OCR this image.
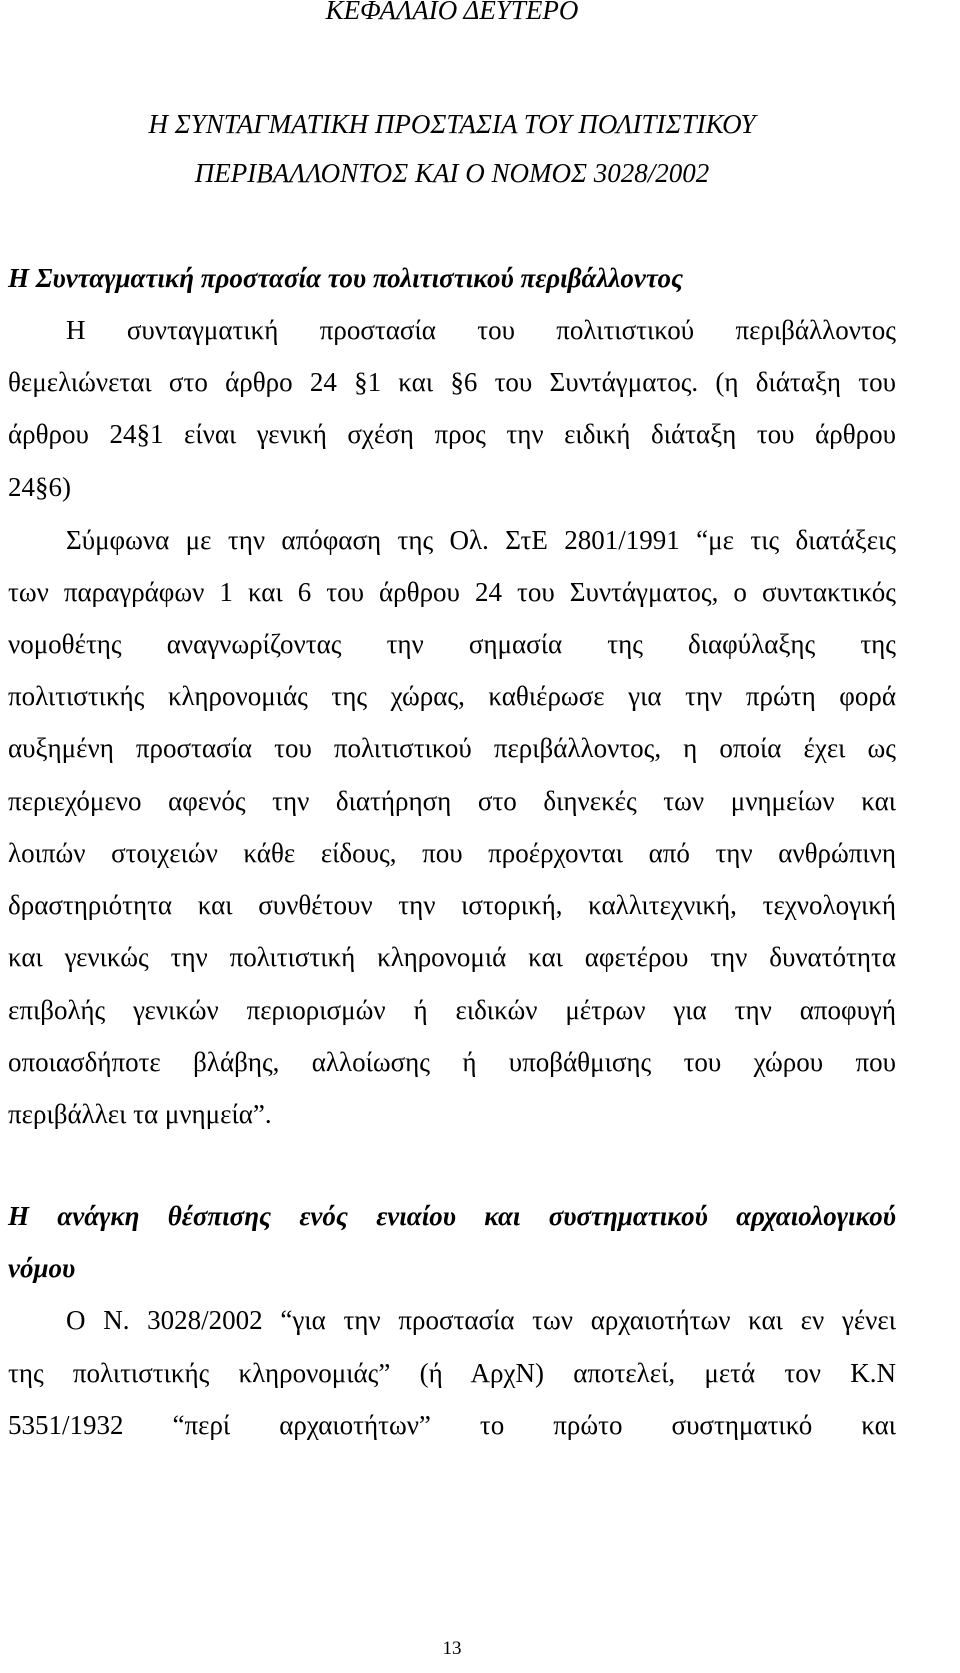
ΚΕΦΑΛΑΙΟ ΔΕΥΤΕΡΟ
Η ΣΥΝΤΑΓΜΑΤΙΚΗ ΠΡΟΣΤΑΣΙΑ ΤΟΥ ΠΟΛΙΤΙΣΤΙΚΟΥ
ΠΕΡΙΒΑΛΛΟΝΤΟΣ ΚΑΙ Ο ΝΟΜΟΣ 3028/2002
Η Συνταγματική προστασία του πολιτιστικού περιβάλλοντος
Η συνταγματική προστασία του πολιτιστικού περιβάλλοντος
θεμελιώνεται στο άρθρο 24 §1 και §6 του Συντάγματος. (η διάταξη του
άρθρου 24§1 είναι γενική σχέση προς την ειδική διάταξη του άρθρου
24§6)
Σύμφωνα με την απόφαση της Ολ. ΣτΕ 2801/1991 “με τις διατάξεις
των παραγράφων 1 και 6 του άρθρου 24 του Συντάγματος, ο συντακτικός
νομοθέτης αναγνωρίζοντας την σημασία της διαφύλαξης της
πολιτιστικής κληρονομιάς της χώρας, καθιέρωσε για την πρώτη φορά
αυξημένη προστασία του πολιτιστικού περιβάλλοντος, η οποία έχει ως
περιεχόμενο αφενός την διατήρηση στο διηνεκές των μνημείων και
λοιπών στοιχειών κάθε είδους, που προέρχονται από την ανθρώπινη
δραστηριότητα και συνθέτουν την ιστορική, καλλιτεχνική, τεχνολογική
και γενικώς την πολιτιστική κληρονομιά και αφετέρου την δυνατότητα
επιβολής γενικών περιορισμών ή ειδικών μέτρων για την αποφυγή
οποιασδήποτε βλάβης, αλλοίωσης ή υποβάθμισης του χώρου που
περιβάλλει τα μνημεία”.
Η ανάγκη θέσπισης ενός ενιαίου και συστηματικού αρχαιολογικού
νόμου
Ο Ν. 3028/2002 “για την προστασία των αρχαιοτήτων και εν γένει
της πολιτιστικής κληρονομιάς” (ή ΑρχΝ) αποτελεί, μετά τον Κ.Ν
5351/1932 “περί αρχαιοτήτων” το πρώτο συστηματικό και
13
